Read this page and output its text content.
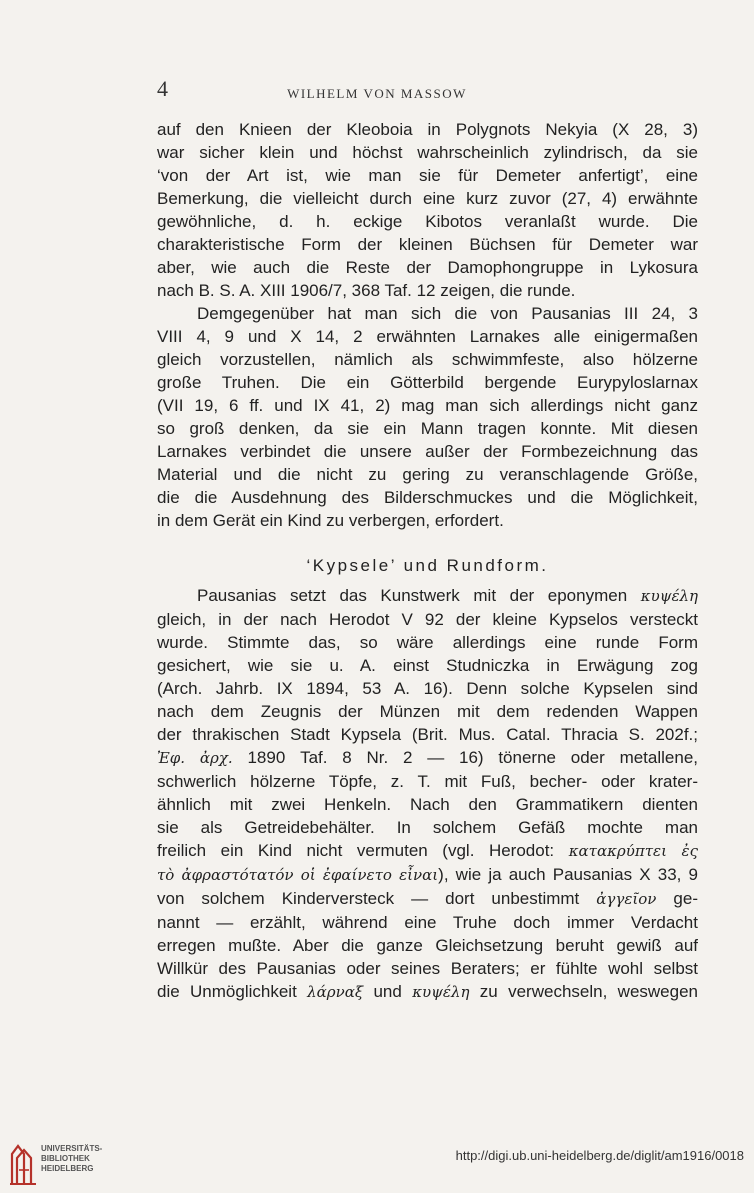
4	WILHELM VON MASSOW

auf den Knieen der Kleoboia in Polygnots Nekyia (X 28, 3)
war sicher klein und höchst wahrscheinlich zylindrisch, da sie
‘von der Art ist, wie man sie für Demeter anfertigt’, eine
Bemerkung, die vielleicht durch eine kurz zuvor (27, 4) erwähnte
gewöhnliche, d. h. eckige Kibotos veranlaßt wurde. Die
charakteristische Form der kleinen Büchsen für Demeter war
aber, wie auch die Reste der Damophongruppe in Lykosura
nach B. S. A. XIII 1906/7, 368 Taf. 12 zeigen, die runde.

Demgegenüber hat man sich die von Pausanias III 24, 3
VIII 4, 9 und X 14, 2 erwähnten Larnakes alle einigermaßen
gleich vorzustellen, nämlich als schwimmfeste, also hölzerne
große Truhen. Die ein Götterbild bergende Eurypyloslarnax
(VII 19, 6 ff. und IX 41, 2) mag man sich allerdings nicht ganz
so groß denken, da sie ein Mann tragen konnte. Mit diesen
Larnakes verbindet die unsere außer der Formbezeichnung das
Material und die nicht zu gering zu veranschlagende Größe,
die die Ausdehnung des Bilderschmuckes und die Möglichkeit,
in dem Gerät ein Kind zu verbergen, erfordert.

‘Kypsele’ und Rundform.

Pausanias setzt das Kunstwerk mit der eponymen κυψέλη
gleich, in der nach Herodot V 92 der kleine Kypselos versteckt
wurde. Stimmte das, so wäre allerdings eine runde Form
gesichert, wie sie u. A. einst Studniczka in Erwägung zog
(Arch. Jahrb. IX 1894, 53 A. 16). Denn solche Kypselen sind
nach dem Zeugnis der Münzen mit dem redenden Wappen
der thrakischen Stadt Kypsela (Brit. Mus. Catal. Thracia S. 202f.;
Ἐφ. ἀρχ. 1890 Taf. 8 Nr. 2 — 16) tönerne oder metallene,
schwerlich hölzerne Töpfe, z. T. mit Fuß, becher- oder krater-
ähnlich mit zwei Henkeln. Nach den Grammatikern dienten
sie als Getreidebehälter. In solchem Gefäß mochte man
freilich ein Kind nicht vermuten (vgl. Herodot: κατακρύπτει ἐς
τὸ ἀφραστότατόν οἱ ἐφαίνετο εἶναι), wie ja auch Pausanias X 33, 9
von solchem Kinderversteck — dort unbestimmt ἀγγεῖον ge-
nannt — erzählt, während eine Truhe doch immer Verdacht
erregen mußte. Aber die ganze Gleichsetzung beruht gewiß auf
Willkür des Pausanias oder seines Beraters; er fühlte wohl selbst
die Unmöglichkeit λάρναξ und κυψέλη zu verwechseln, weswegen

UNIVERSITÄTS-
BIBLIOTHEK
HEIDELBERG
http://digi.ub.uni-heidelberg.de/diglit/am1916/0018
